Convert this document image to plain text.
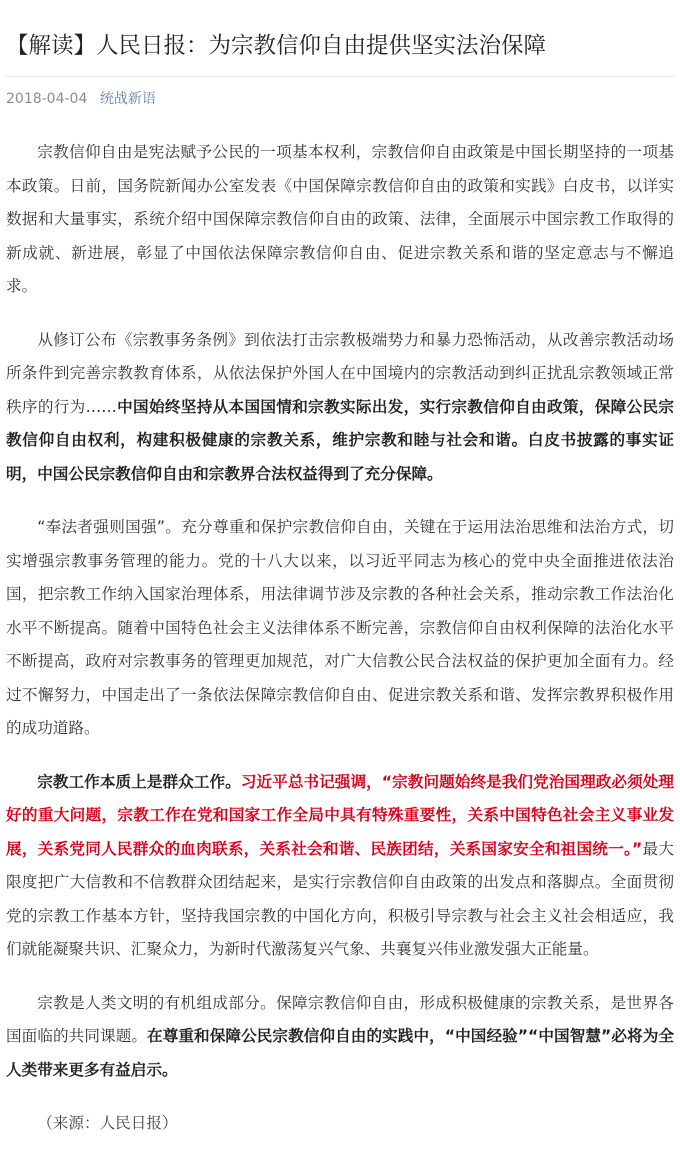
【解读】人民日报：为宗教信仰自由提供坚实法治保障
2018-04-04 统战新语

宗教信仰自由是宪法赋予公民的一项基本权利，宗教信仰自由政策是中国长期坚持的一项基本政策。日前，国务院新闻办公室发表《中国保障宗教信仰自由的政策和实践》白皮书，以详实数据和大量事实，系统介绍中国保障宗教信仰自由的政策、法律，全面展示中国宗教工作取得的新成就、新进展，彰显了中国依法保障宗教信仰自由、促进宗教关系和谐的坚定意志与不懈追求。

从修订公布《宗教事务条例》到依法打击宗教极端势力和暴力恐怖活动，从改善宗教活动场所条件到完善宗教教育体系，从依法保护外国人在中国境内的宗教活动到纠正扰乱宗教领域正常秩序的行为……中国始终坚持从本国国情和宗教实际出发，实行宗教信仰自由政策，保障公民宗教信仰自由权利，构建积极健康的宗教关系，维护宗教和睦与社会和谐。白皮书披露的事实证明，中国公民宗教信仰自由和宗教界合法权益得到了充分保障。

“奉法者强则国强”。充分尊重和保护宗教信仰自由，关键在于运用法治思维和法治方式，切实增强宗教事务管理的能力。党的十八大以来，以习近平同志为核心的党中央全面推进依法治国，把宗教工作纳入国家治理体系，用法律调节涉及宗教的各种社会关系，推动宗教工作法治化水平不断提高。随着中国特色社会主义法律体系不断完善，宗教信仰自由权利保障的法治化水平不断提高，政府对宗教事务的管理更加规范，对广大信教公民合法权益的保护更加全面有力。经过不懈努力，中国走出了一条依法保障宗教信仰自由、促进宗教关系和谐、发挥宗教界积极作用的成功道路。

宗教工作本质上是群众工作。习近平总书记强调，“宗教问题始终是我们党治国理政必须处理好的重大问题，宗教工作在党和国家工作全局中具有特殊重要性，关系中国特色社会主义事业发展，关系党同人民群众的血肉联系，关系社会和谐、民族团结，关系国家安全和祖国统一。”最大限度把广大信教和不信教群众团结起来，是实行宗教信仰自由政策的出发点和落脚点。全面贯彻党的宗教工作基本方针，坚持我国宗教的中国化方向，积极引导宗教与社会主义社会相适应，我们就能凝聚共识、汇聚众力，为新时代激荡复兴气象、共襄复兴伟业激发强大正能量。

宗教是人类文明的有机组成部分。保障宗教信仰自由，形成积极健康的宗教关系，是世界各国面临的共同课题。在尊重和保障公民宗教信仰自由的实践中，“中国经验”“中国智慧”必将为全人类带来更多有益启示。

（来源：人民日报）
